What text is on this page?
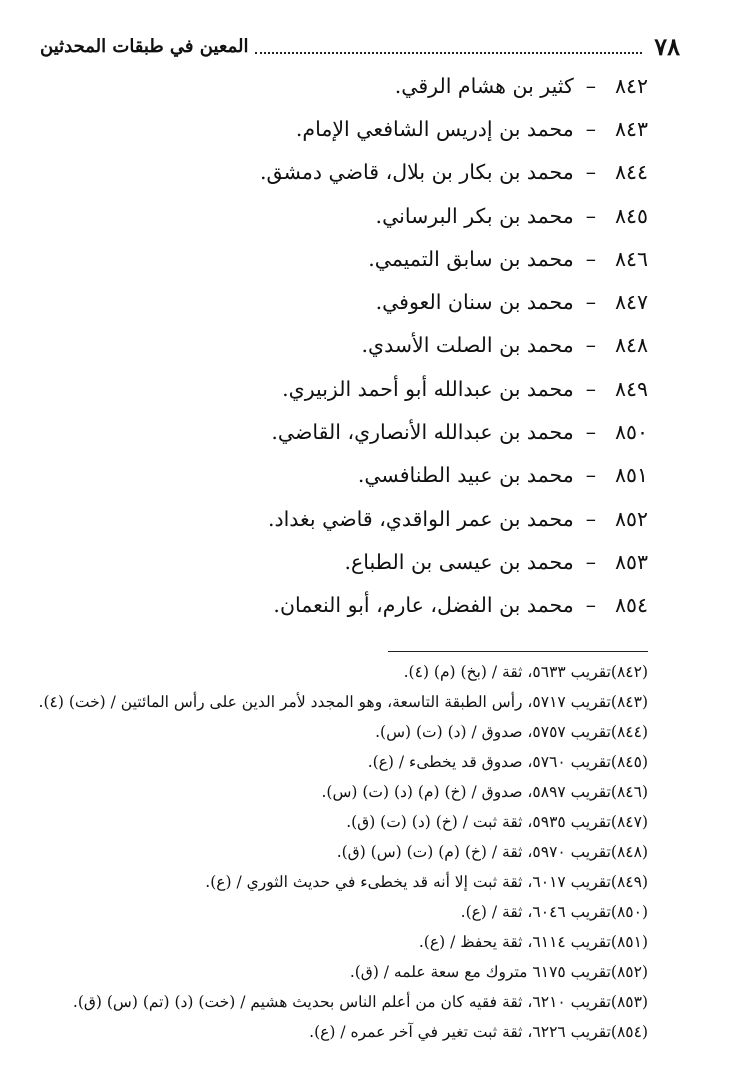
٧٨
المعين في طبقات المحدثين
٨٤٢
–
كثير بن هشام الرقي.
٨٤٣
–
محمد بن إدريس الشافعي الإمام.
٨٤٤
–
محمد بن بكار بن بلال، قاضي دمشق.
٨٤٥
–
محمد بن بكر البرساني.
٨٤٦
–
محمد بن سابق التميمي.
٨٤٧
–
محمد بن سنان العوفي.
٨٤٨
–
محمد بن الصلت الأسدي.
٨٤٩
–
محمد بن عبدالله أبو أحمد الزبيري.
٨٥٠
–
محمد بن عبدالله الأنصاري، القاضي.
٨٥١
–
محمد بن عبيد الطنافسي.
٨٥٢
–
محمد بن عمر الواقدي، قاضي بغداد.
٨٥٣
–
محمد بن عيسى بن الطباع.
٨٥٤
–
محمد بن الفضل، عارم، أبو النعمان.
(٨٤٢)تقريب ٥٦٣٣، ثقة / (بخ) (م) (٤).
(٨٤٣)تقريب ٥٧١٧، رأس الطبقة التاسعة، وهو المجدد لأمر الدين على رأس المائتين / (خت) (٤).
(٨٤٤)تقريب ٥٧٥٧، صدوق / (د) (ت) (س).
(٨٤٥)تقريب ٥٧٦٠، صدوق قد يخطىء / (ع).
(٨٤٦)تقريب ٥٨٩٧، صدوق / (خ) (م) (د) (ت) (س).
(٨٤٧)تقريب ٥٩٣٥، ثقة ثبت / (خ) (د) (ت) (ق).
(٨٤٨)تقريب ٥٩٧٠، ثقة / (خ) (م) (ت) (س) (ق).
(٨٤٩)تقريب ٦٠١٧، ثقة ثبت إلا أنه قد يخطىء في حديث الثوري / (ع).
(٨٥٠)تقريب ٦٠٤٦، ثقة / (ع).
(٨٥١)تقريب ٦١١٤، ثقة يحفظ / (ع).
(٨٥٢)تقريب ٦١٧٥ متروك مع سعة علمه / (ق).
(٨٥٣)تقريب ٦٢١٠، ثقة فقيه كان من أعلم الناس بحديث هشيم / (خت) (د) (تم) (س) (ق).
(٨٥٤)تقريب ٦٢٢٦، ثقة ثبت تغير في آخر عمره / (ع).
